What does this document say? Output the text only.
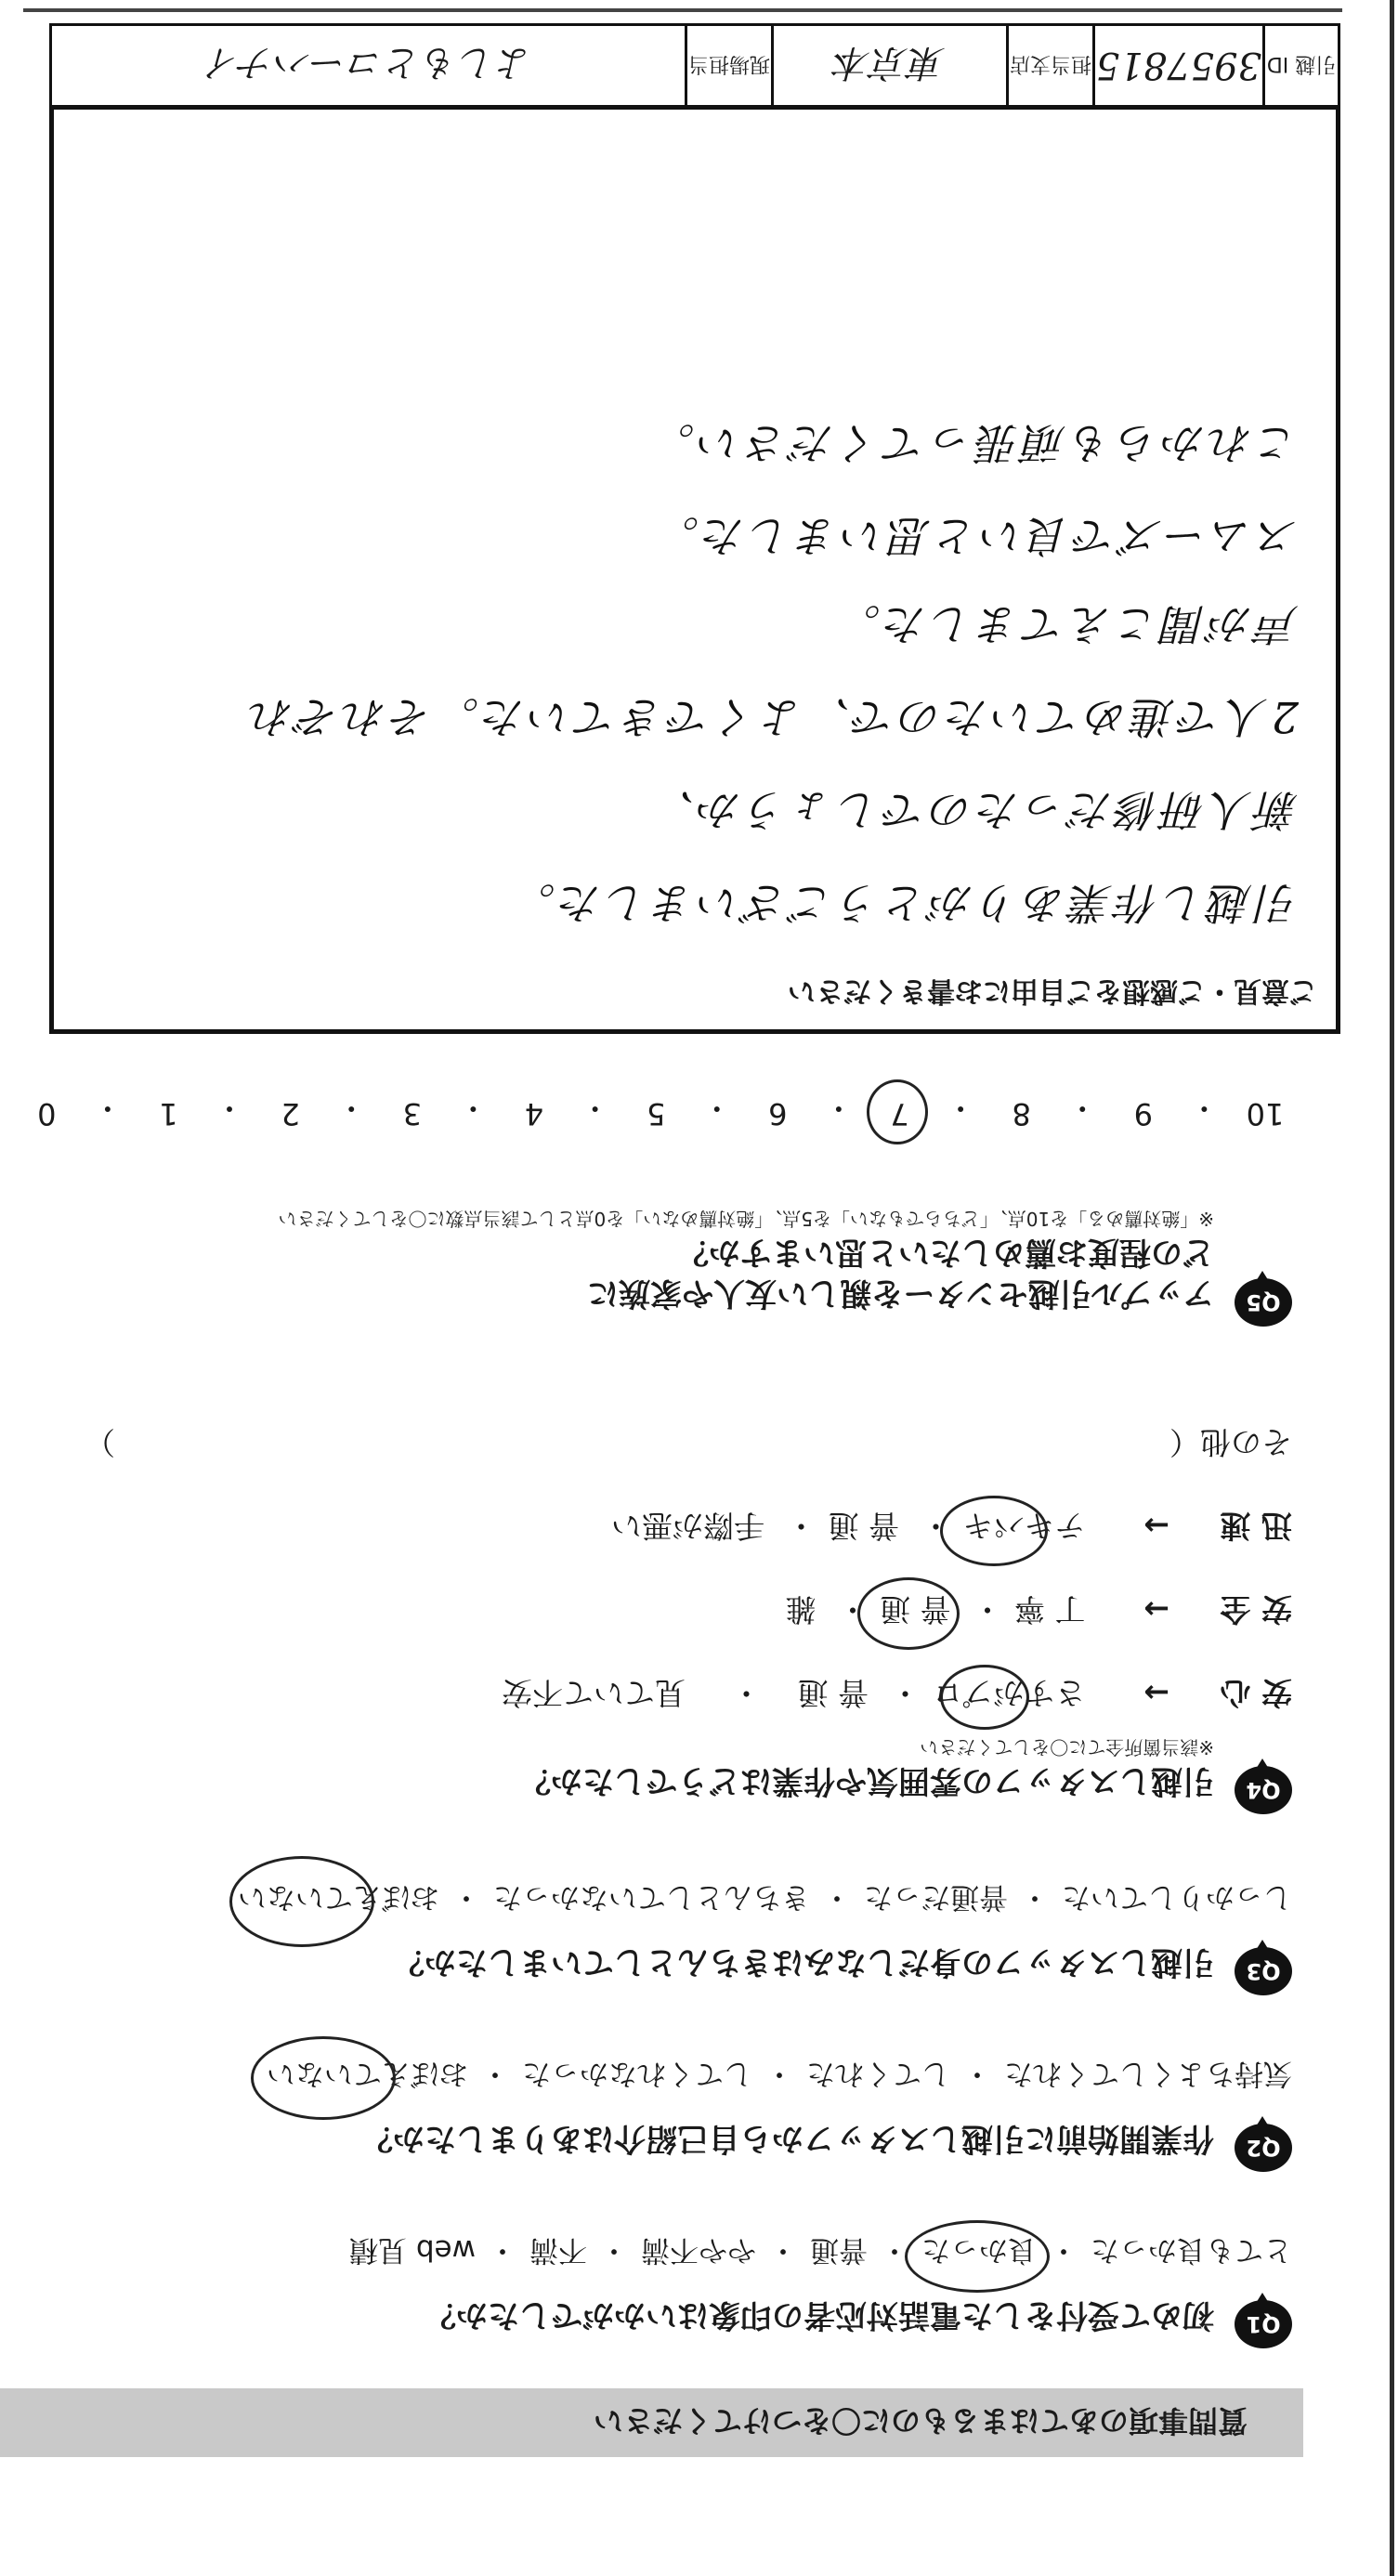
質問事項のあてはまるものに〇をつけてください
Q1
初めて受付をした電話対応者の印象はいかがでしたか？
とても良かった
・
良かった
・
普通
・
やや不満
・
不満
・
web 見積
Q2
作業開始前に引越しスタッフから自己紹介はありましたか？
気持ちよくしてくれた
・
してくれた
・
してくれなかった
・
おぼえていない
Q3
引越しスタッフの身だしなみはきちんとしていましたか？
しっかりしていた
・
普通だった
・
きちんとしていなかった
・
おぼえていない
Q4
引越しスタッフの雰囲気や作業はどうでしたか？
※該当箇所全てに〇をしてください
安 心→ さすがプロ
・ 普 通・ 見ていて不安
安 全→ 丁 寧・ 普 通
・ 雑
迅 速→ テキパキ
・ 普 通・ 手際が悪い
その他（
）
Q5
アップル引越センターを親しい友人や家族に
どの程度お薦めしたいと思いますか？
※「絶対薦める」を10点、「どちらでもない」を5点、「絶対薦めない」を0点として該当点数に〇をしてください
10
・
9
・
8
・
7
・
6
・
5
・
4
・
3
・
2
・
1
・
0
ご意見・ご感想をご自由にお書きください
引越し作業ありがとうございました。
新人研修だったのでしょうか、
2人で進めていたので、よくできていた。それぞれ
声が聞こえてました。
スムーズで良いと思いました。
これからも頑張ってください。
引越 ID
3957815
担当支店
東京本
現場担当
よしもとコーハナイ
